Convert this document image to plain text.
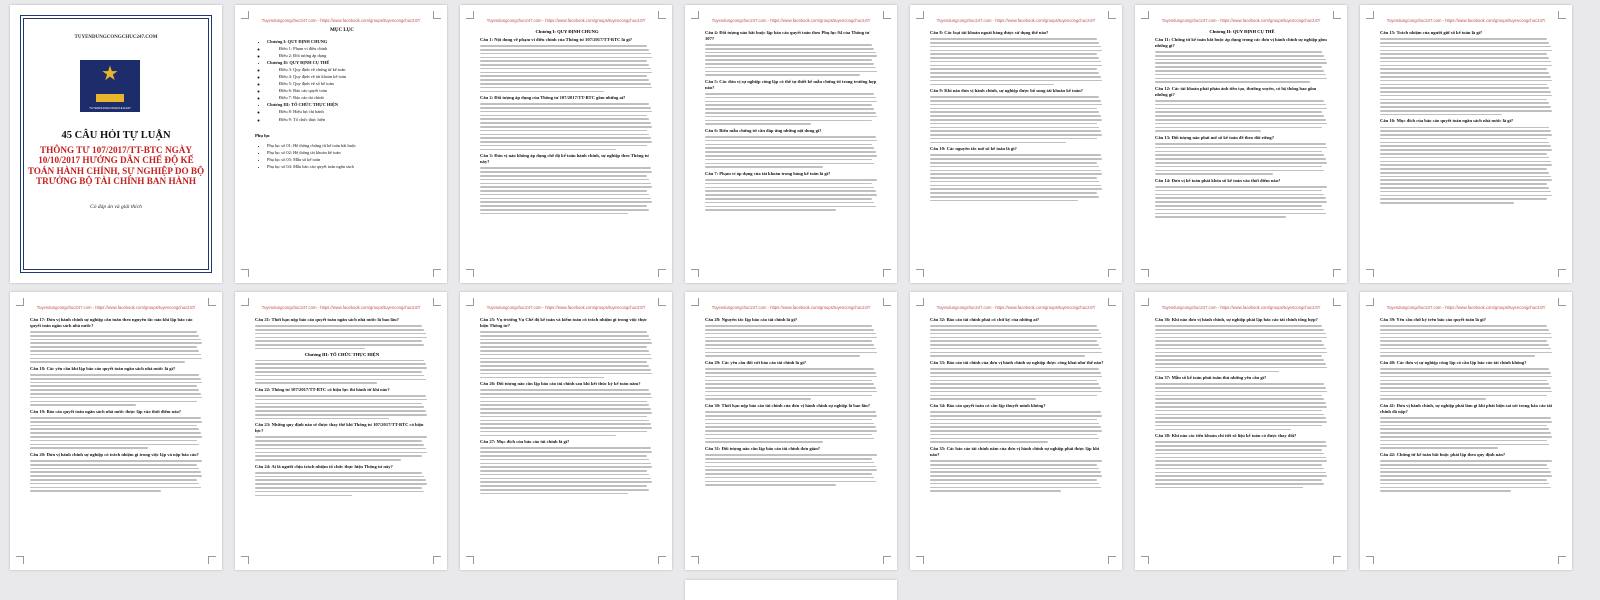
TUYENDUNGCONGCHUC247.COM
★
TUYENDUNGCONGCHUC247
45 CÂU HỎI TỰ LUẬN
THÔNG TƯ 107/2017/TT-BTC NGÀY 10/10/2017 HƯỚNG DẪN CHẾ ĐỘ KẾ TOÁN HÀNH CHÍNH, SỰ NGHIỆP DO BỘ TRƯỞNG BỘ TÀI CHÍNH BAN HÀNH
Có đáp án và giải thích
Tuyendungcongchuc247.com - https://www.facebook.com/groups/tuyencongchuc247/
MỤC LỤC
• Chương I: QUY ĐỊNH CHUNG
◦ Điều 1: Phạm vi điều chỉnh
◦ Điều 2: Đối tượng áp dụng
• Chương II: QUY ĐỊNH CỤ THỂ
◦ Điều 3: Quy định về chứng từ kế toán
◦ Điều 4: Quy định về tài khoản kế toán
◦ Điều 5: Quy định về sổ kế toán
◦ Điều 6: Báo cáo quyết toán
◦ Điều 7: Báo cáo tài chính
• Chương III: TỔ CHỨC THỰC HIỆN
◦ Điều 8: Hiệu lực thi hành
◦ Điều 9: Tổ chức thực hiện
Phụ lục
• Phụ lục số 01: Hệ thống chứng từ kế toán bắt buộc
• Phụ lục số 02: Hệ thống tài khoản kế toán
• Phụ lục số 03: Mẫu sổ kế toán
• Phụ lục số 04: Mẫu báo cáo quyết toán ngân sách
Tuyendungcongchuc247.com - https://www.facebook.com/groups/tuyencongchuc247/
Chương I: QUY ĐỊNH CHUNG
Câu 1: Nội dung về phạm vi điều chỉnh của Thông tư 107/2017/TT-BTC là gì?
Câu 2: Đối tượng áp dụng của Thông tư 107/2017/TT-BTC gồm những ai?
Câu 3: Đơn vị nào không áp dụng chế độ kế toán hành chính, sự nghiệp theo Thông tư này?
Tuyendungcongchuc247.com - https://www.facebook.com/groups/tuyencongchuc247/
Câu 4: Đối tượng nào bắt buộc lập báo cáo quyết toán theo Phụ lục 04 của Thông tư 107?
Câu 5: Các đơn vị sự nghiệp công lập có thể tự thiết kế mẫu chứng từ trong trường hợp nào?
Câu 6: Biểu mẫu chứng từ cần đáp ứng những nội dung gì?
Câu 7: Phạm vi áp dụng của tài khoản trong bảng kế toán là gì?
Tuyendungcongchuc247.com - https://www.facebook.com/groups/tuyencongchuc247/
Câu 8: Các loại tài khoản ngoài bảng được sử dụng thế nào?
Câu 9: Khi nào đơn vị hành chính, sự nghiệp được bổ sung tài khoản kế toán?
Câu 10: Các nguyên tắc mở sổ kế toán là gì?
Tuyendungcongchuc247.com - https://www.facebook.com/groups/tuyencongchuc247/
Chương II: QUY ĐỊNH CỤ THỂ
Câu 11: Chứng từ kế toán bắt buộc áp dụng trong các đơn vị hành chính sự nghiệp gồm những gì?
Câu 12: Các tài khoản phải phản ánh tiền tạo, thường xuyên, có hệ thống bao gồm những gì?
Câu 13: Đối tượng nào phải mở sổ kế toán để theo dõi riêng?
Câu 14: Đơn vị kế toán phải khóa sổ kế toán vào thời điểm nào?
Tuyendungcongchuc247.com - https://www.facebook.com/groups/tuyencongchuc247/
Câu 15: Trách nhiệm của người giữ sổ kế toán là gì?
Câu 16: Mục đích của báo cáo quyết toán ngân sách nhà nước là gì?
Tuyendungcongchuc247.com - https://www.facebook.com/groups/tuyencongchuc247/
Câu 17: Đơn vị hành chính sự nghiệp cần tuân theo nguyên tắc nào khi lập báo cáo quyết toán ngân sách nhà nước?
Câu 18: Các yêu cầu khi lập báo cáo quyết toán ngân sách nhà nước là gì?
Câu 19: Báo cáo quyết toán ngân sách nhà nước được lập vào thời điểm nào?
Câu 20: Đơn vị hành chính sự nghiệp có trách nhiệm gì trong việc lập và nộp báo cáo?
Tuyendungcongchuc247.com - https://www.facebook.com/groups/tuyencongchuc247/
Câu 21: Thời hạn nộp báo cáo quyết toán ngân sách nhà nước là bao lâu?
Chương III: TỔ CHỨC THỰC HIỆN
Câu 22: Thông tư 107/2017/TT-BTC có hiệu lực thi hành từ khi nào?
Câu 23: Những quy định nào sẽ được thay thế khi Thông tư 107/2017/TT-BTC có hiệu lực?
Câu 24: Ai là người chịu trách nhiệm tổ chức thực hiện Thông tư này?
Tuyendungcongchuc247.com - https://www.facebook.com/groups/tuyencongchuc247/
Câu 25: Vụ trưởng Vụ Chế độ kế toán và kiểm toán có trách nhiệm gì trong việc thực hiện Thông tư?
Câu 26: Đối tượng nào cần lập báo cáo tài chính sau khi kết thúc kỳ kế toán năm?
Câu 27: Mục đích của báo cáo tài chính là gì?
Tuyendungcongchuc247.com - https://www.facebook.com/groups/tuyencongchuc247/
Câu 28: Nguyên tắc lập báo cáo tài chính là gì?
Câu 29: Các yêu cầu đối với báo cáo tài chính là gì?
Câu 30: Thời hạn nộp báo cáo tài chính của đơn vị hành chính sự nghiệp là bao lâu?
Câu 31: Đối tượng nào cần lập báo cáo tài chính đơn giản?
Tuyendungcongchuc247.com - https://www.facebook.com/groups/tuyencongchuc247/
Câu 32: Báo cáo tài chính phải có chữ ký của những ai?
Câu 33: Báo cáo tài chính của đơn vị hành chính sự nghiệp được công khai như thế nào?
Câu 34: Báo cáo quyết toán có cần lập thuyết minh không?
Câu 35: Các báo cáo tài chính năm của đơn vị hành chính sự nghiệp phải được lập khi nào?
Tuyendungcongchuc247.com - https://www.facebook.com/groups/tuyencongchuc247/
Câu 36: Khi nào đơn vị hành chính, sự nghiệp phải lập báo cáo tài chính tổng hợp?
Câu 37: Mẫu sổ kế toán phải tuân thủ những yêu cầu gì?
Câu 38: Khi nào các tiểu khoản chi tiết sổ liệu kế toán có được thay đổi?
Tuyendungcongchuc247.com - https://www.facebook.com/groups/tuyencongchuc247/
Câu 39: Yêu cầu chữ ký trên báo cáo quyết toán là gì?
Câu 40: Các đơn vị sự nghiệp công lập có cần lập báo cáo tài chính không?
Câu 41: Đơn vị hành chính, sự nghiệp phải làm gì khi phát hiện sai sót trong báo cáo tài chính đã nộp?
Câu 42: Chứng từ kế toán bắt buộc phải lập theo quy định nào?
